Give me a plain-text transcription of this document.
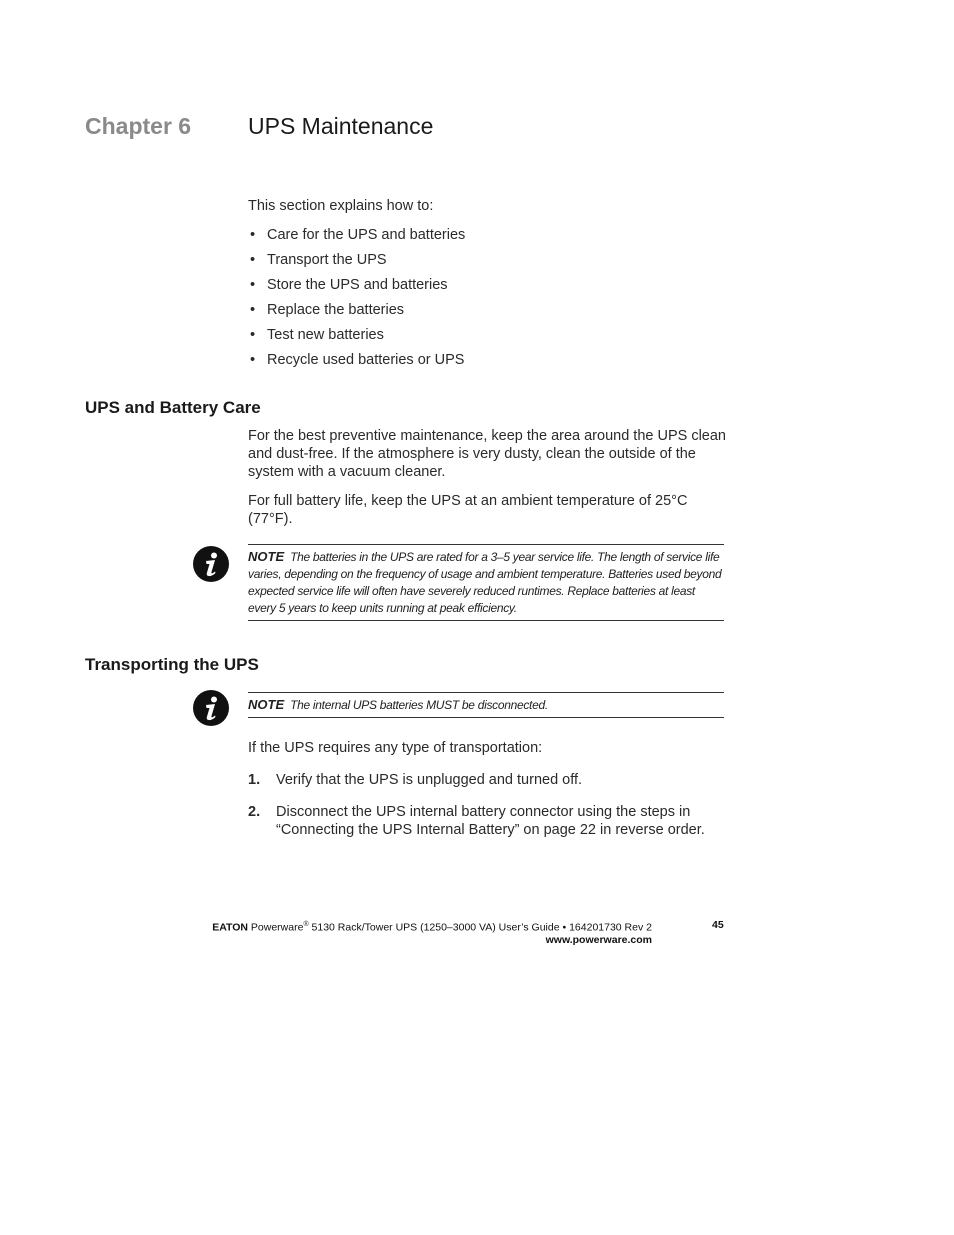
Chapter 6 UPS Maintenance
This section explains how to:
• Care for the UPS and batteries
• Transport the UPS
• Store the UPS and batteries
• Replace the batteries
• Test new batteries
• Recycle used batteries or UPS
UPS and Battery Care
For the best preventive maintenance, keep the area around the UPS clean and dust-free. If the atmosphere is very dusty, clean the outside of the system with a vacuum cleaner.
For full battery life, keep the UPS at an ambient temperature of 25°C (77°F).
NOTE The batteries in the UPS are rated for a 3–5 year service life. The length of service life varies, depending on the frequency of usage and ambient temperature. Batteries used beyond expected service life will often have severely reduced runtimes. Replace batteries at least every 5 years to keep units running at peak efficiency.
Transporting the UPS
NOTE The internal UPS batteries MUST be disconnected.
If the UPS requires any type of transportation:
1. Verify that the UPS is unplugged and turned off.
2. Disconnect the UPS internal battery connector using the steps in “Connecting the UPS Internal Battery” on page 22 in reverse order.
EATON Powerware® 5130 Rack/Tower UPS (1250–3000 VA) User’s Guide • 164201730 Rev 2
www.powerware.com
45
